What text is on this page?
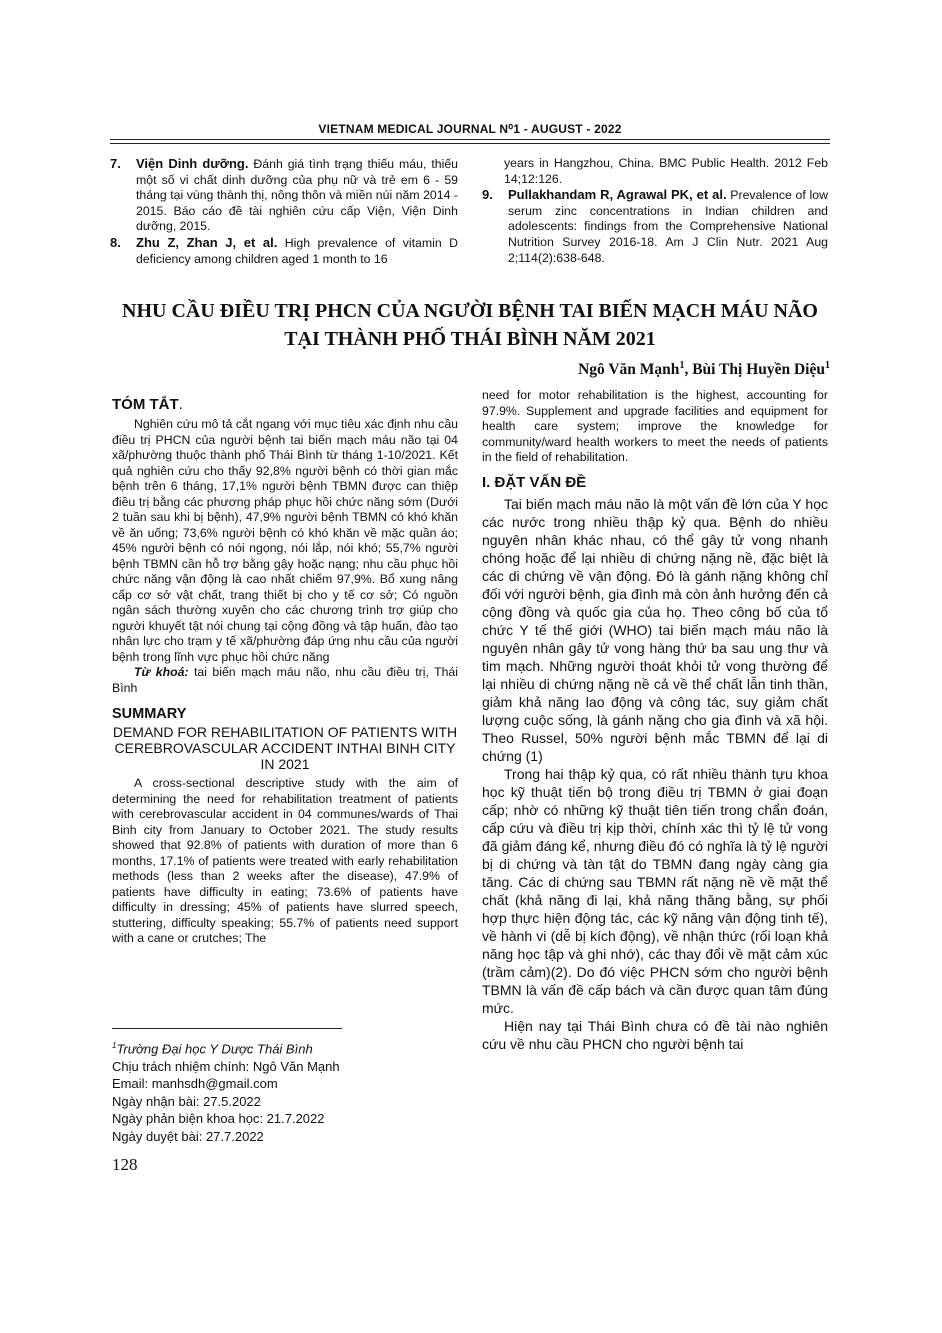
VIETNAM MEDICAL JOURNAL N⁰1 - AUGUST - 2022
7.	Viện Dinh dưỡng. Đánh giá tình trạng thiếu máu, thiếu một số vi chất dinh dưỡng của phụ nữ và trẻ em 6 - 59 tháng tại vùng thành thị, nông thôn và miền núi năm 2014 - 2015. Báo cáo đề tài nghiên cứu cấp Viện, Viện Dinh dưỡng, 2015.
8.	Zhu Z, Zhan J, et al. High prevalence of vitamin D deficiency among children aged 1 month to 16
years in Hangzhou, China. BMC Public Health. 2012 Feb 14;12:126.
9.	Pullakhandam R, Agrawal PK, et al. Prevalence of low serum zinc concentrations in Indian children and adolescents: findings from the Comprehensive National Nutrition Survey 2016-18. Am J Clin Nutr. 2021 Aug 2;114(2):638-648.
NHU CẦU ĐIỀU TRỊ PHCN CỦA NGƯỜI BỆNH TAI BIẾN MẠCH MÁU NÃO
TẠI THÀNH PHỐ THÁI BÌNH NĂM 2021
Ngô Văn Mạnh$^1$, Bùi Thị Huyền Diệu$^1$
TÓM TẮT.

Nghiên cứu mô tả cắt ngang với mục tiêu xác định nhu cầu điều trị PHCN của người bệnh tai biến mạch máu não tại 04 xã/phường thuộc thành phố Thái Bình từ tháng 1-10/2021. Kết quả nghiên cứu cho thấy 92,8% người bệnh có thời gian mắc bệnh trên 6 tháng, 17,1% người bệnh TBMN được can thiệp điều trị bằng các phương pháp phục hồi chức năng sớm (Dưới 2 tuần sau khi bị bệnh), 47,9% người bệnh TBMN có khó khăn về ăn uống; 73,6% người bệnh có khó khăn về mặc quần áo; 45% người bệnh có nói ngọng, nói lắp, nói khó; 55,7% người bệnh TBMN cần hỗ trợ bằng gậy hoặc nạng; nhu cầu phục hồi chức năng vận động là cao nhất chiếm 97,9%. Bổ xung nâng cấp cơ sở vật chất, trang thiết bị cho y tế cơ sở; Có nguồn ngân sách thường xuyên cho các chương trình trợ giúp cho người khuyết tật nói chung tại cộng đồng và tập huấn, đào tạo nhân lực cho trạm y tế xã/phường đáp ứng nhu cầu của người bệnh trong lĩnh vực phục hồi chức năng

Từ khoá: tai biến mạch máu não, nhu cầu điều trị, Thái Bình

SUMMARY

DEMAND FOR REHABILITATION OF PATIENTS WITH CEREBROVASCULAR ACCIDENT INTHAI BINH CITY IN 2021

A cross-sectional descriptive study with the aim of determining the need for rehabilitation treatment of patients with cerebrovascular accident in 04 communes/wards of Thai Binh city from January to October 2021. The study results showed that 92.8% of patients with duration of more than 6 months, 17.1% of patients were treated with early rehabilitation methods (less than 2 weeks after the disease), 47.9% of patients have difficulty in eating; 73.6% of patients have difficulty in dressing; 45% of patients have slurred speech, stuttering, difficulty speaking; 55.7% of patients need support with a cane or crutches; The

need for motor rehabilitation is the highest, accounting for 97.9%. Supplement and upgrade facilities and equipment for health care system; improve the knowledge for community/ward health workers to meet the needs of patients in the field of rehabilitation.

I. ĐẶT VẤN ĐỀ

Tai biến mạch máu não là một vấn đề lớn của Y học các nước trong nhiều thập kỷ qua. Bệnh do nhiều nguyên nhân khác nhau, có thể gây tử vong nhanh chóng hoặc để lại nhiều di chứng nặng nề, đặc biệt là các di chứng về vận động. Đó là gánh nặng không chỉ đối với người bệnh, gia đình mà còn ảnh hưởng đến cả cộng đồng và quốc gia của họ. Theo công bố của tổ chức Y tế thế giới (WHO) tai biến mạch máu não là nguyên nhân gây tử vong hàng thứ ba sau ung thư và tim mạch. Những người thoát khỏi tử vong thường để lại nhiều di chứng nặng nề cả về thể chất lẫn tinh thần, giảm khả năng lao động và công tác, suy giảm chất lượng cuộc sống, là gánh nặng cho gia đình và xã hội. Theo Russel, 50% người bệnh mắc TBMN để lại di chứng (1)

Trong hai thập kỷ qua, có rất nhiều thành tựu khoa học kỹ thuật tiến bộ trong điều trị TBMN ở giai đoạn cấp; nhờ có những kỹ thuật tiên tiến trong chẩn đoán, cấp cứu và điều trị kịp thời, chính xác thì tỷ lệ tử vong đã giảm đáng kể, nhưng điều đó có nghĩa là tỷ lệ người bị di chứng và tàn tật do TBMN đang ngày càng gia tăng. Các di chứng sau TBMN rất nặng nề về mặt thể chất (khả năng đi lại, khả năng thăng bằng, sự phối hợp thực hiện động tác, các kỹ năng vận động tinh tế), về hành vi (dễ bị kích động), về nhận thức (rối loạn khả năng học tập và ghi nhớ), các thay đổi về mặt cảm xúc (trầm cảm)(2). Do đó việc PHCN sớm cho người bệnh TBMN là vấn đề cấp bách và cần được quan tâm đúng mức.

Hiện nay tại Thái Bình chưa có đề tài nào nghiên cứu về nhu cầu PHCN cho người bệnh tai

$^1$Trường Đại học Y Dược Thái Bình
Chịu trách nhiệm chính: Ngô Văn Mạnh
Email: manhsdh@gmail.com
Ngày nhận bài: 27.5.2022
Ngày phản biện khoa học: 21.7.2022
Ngày duyệt bài: 27.7.2022
128
